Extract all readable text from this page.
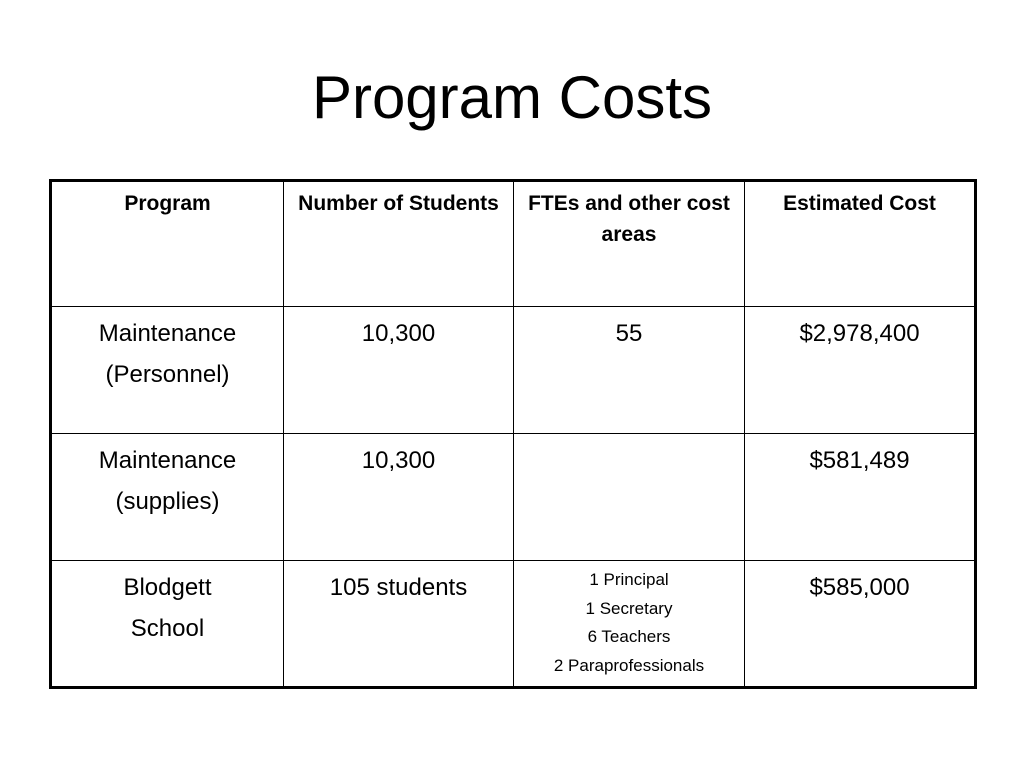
Program Costs
Program	Number of Students	FTEs and other cost areas	Estimated Cost

Maintenance
(Personnel)	10,300	55	$2,978,400

Maintenance
(supplies)	10,300		$581,489

Blodgett
School	105 students	1 Principal
1 Secretary
6 Teachers
2 Paraprofessionals	$585,000
